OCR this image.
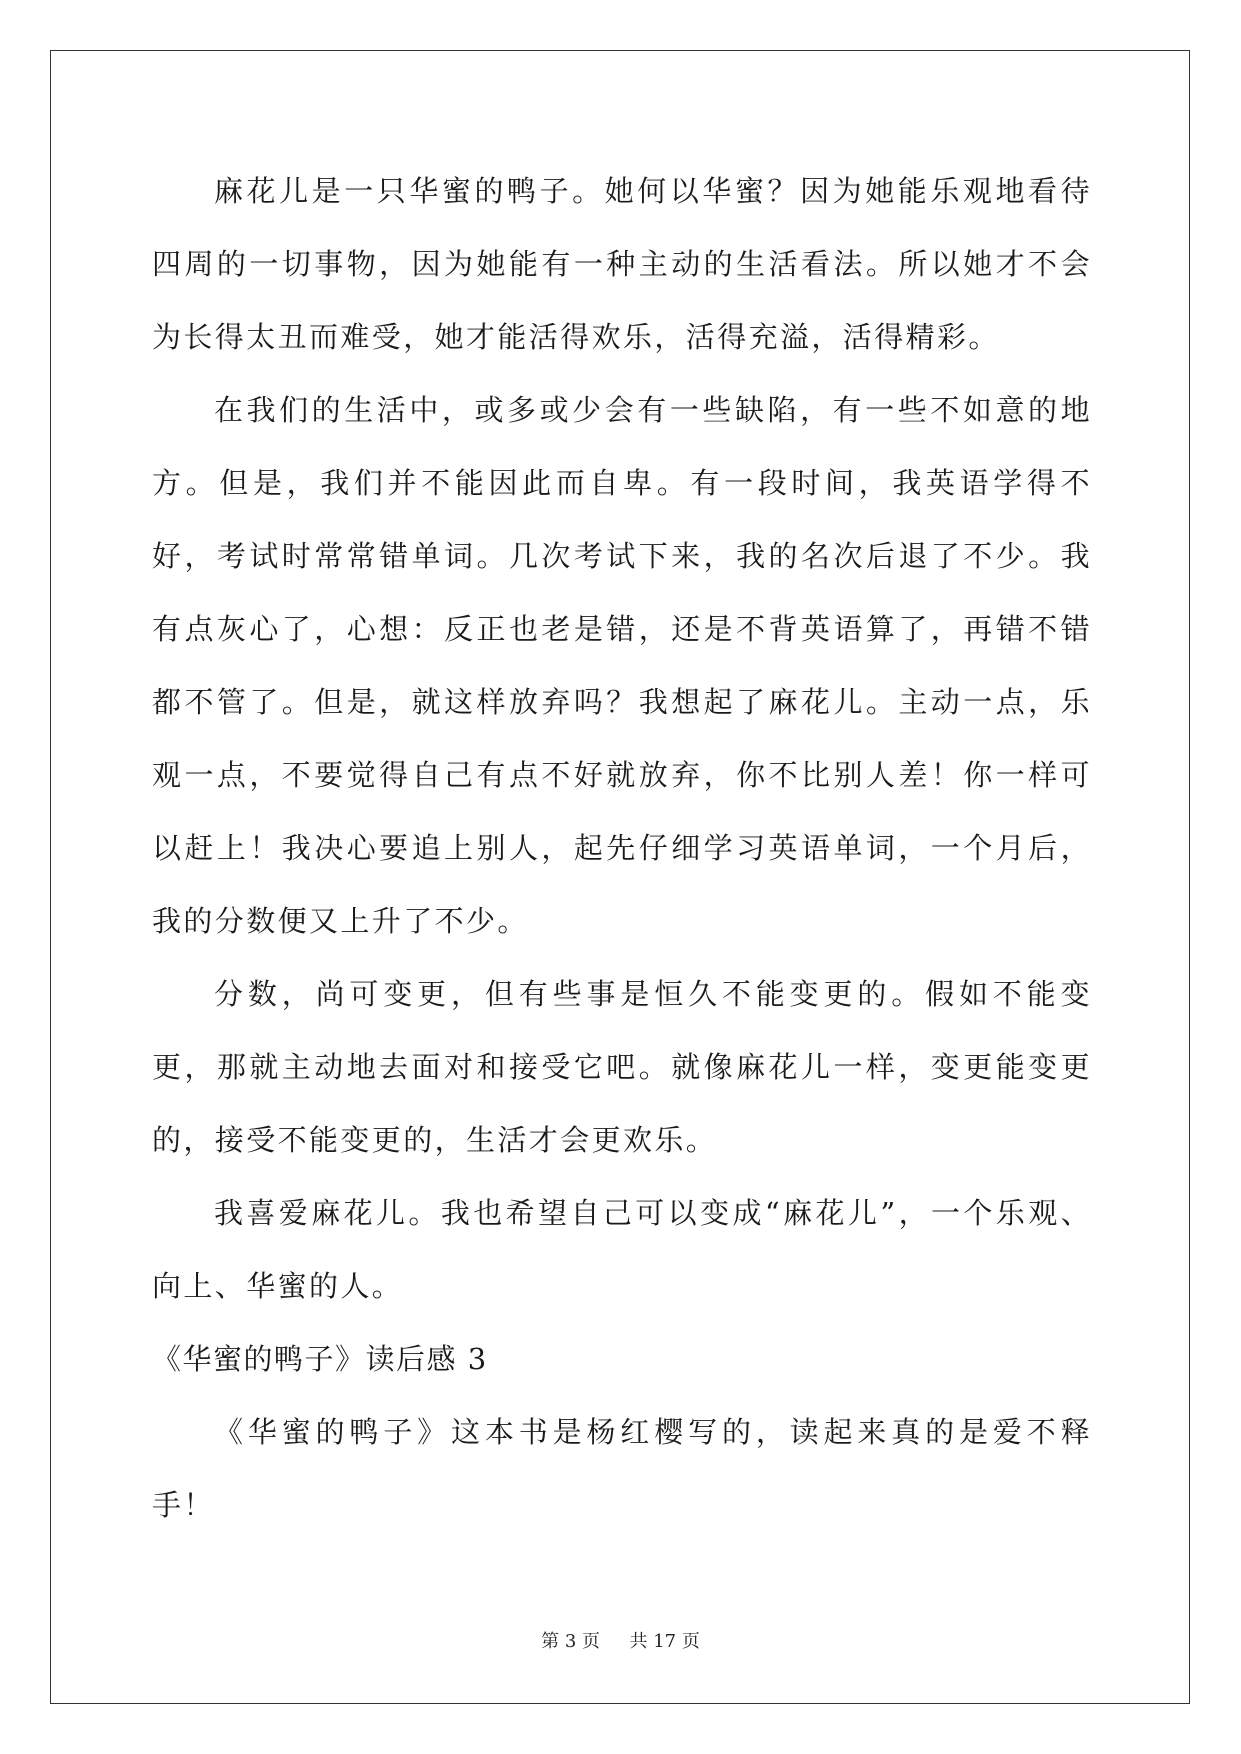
麻花儿是一只华蜜的鸭子。她何以华蜜？因为她能乐观地看待四周的一切事物，因为她能有一种主动的生活看法。所以她才不会为长得太丑而难受，她才能活得欢乐，活得充溢，活得精彩。

在我们的生活中，或多或少会有一些缺陷，有一些不如意的地方。但是，我们并不能因此而自卑。有一段时间，我英语学得不好，考试时常常错单词。几次考试下来，我的名次后退了不少。我有点灰心了，心想：反正也老是错，还是不背英语算了，再错不错都不管了。但是，就这样放弃吗？我想起了麻花儿。主动一点，乐观一点，不要觉得自己有点不好就放弃，你不比别人差！你一样可以赶上！我决心要追上别人，起先仔细学习英语单词，一个月后，我的分数便又上升了不少。

分数，尚可变更，但有些事是恒久不能变更的。假如不能变更，那就主动地去面对和接受它吧。就像麻花儿一样，变更能变更的，接受不能变更的，生活才会更欢乐。

我喜爱麻花儿。我也希望自己可以变成“麻花儿”，一个乐观、向上、华蜜的人。

《华蜜的鸭子》读后感 3

《华蜜的鸭子》这本书是杨红樱写的，读起来真的是爱不释手！

第 3 页 共 17 页
